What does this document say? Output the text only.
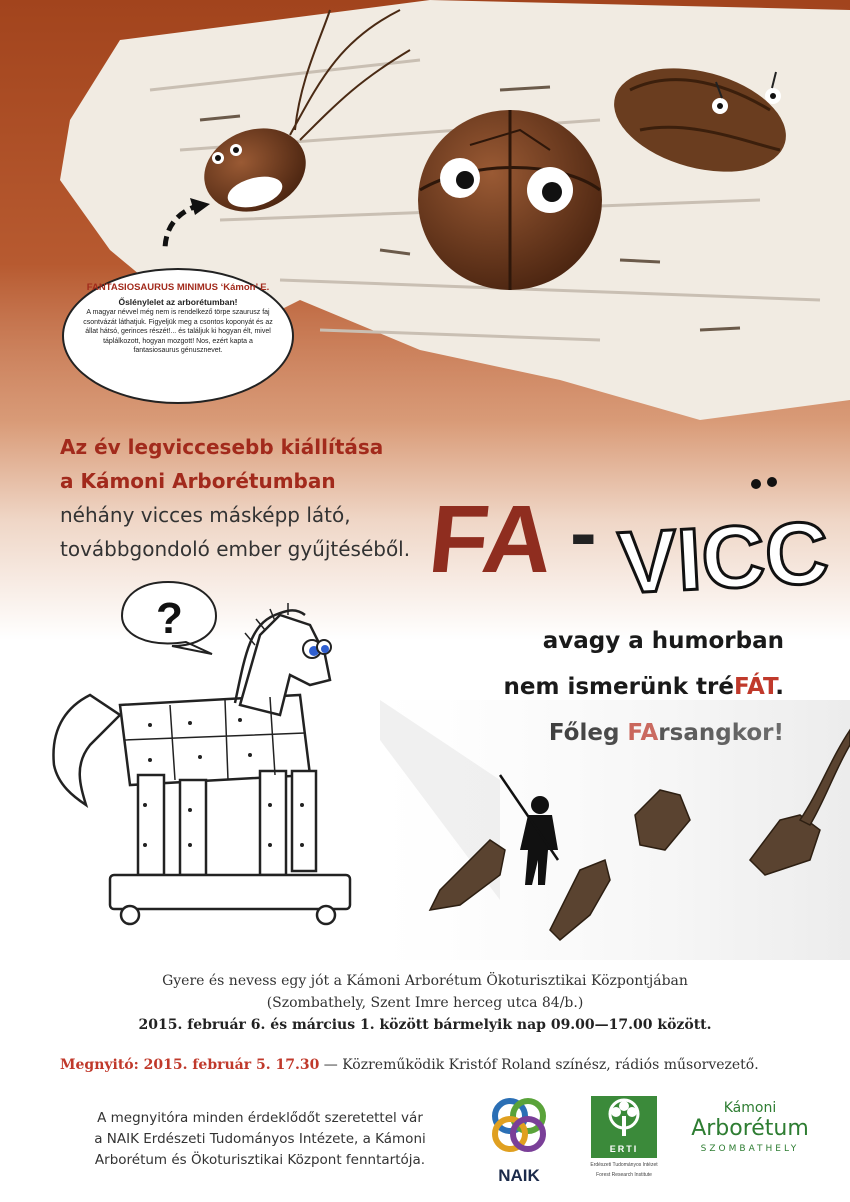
FANTASIOSAURUS MINIMUS ‘Kámon’ E.
Őslénylelet az arborétumban!
A magyar névvel még nem is rendelkező törpe szaurusz faj csontvázát láthatjuk. Figyeljük meg a csontos koponyát és az állat hátsó, gerinces részét!... és találjuk ki hogyan élt, mivel táplálkozott, hogyan mozgott! Nos, ezért kapta a fantasiosaurus génusznevet.
Az év legviccesebb kiállítása
a Kámoni Arborétumban
néhány vicces másképp látó,
továbbgondoló ember gyűjtéséből. FA - VICC
avagy a humorban
nem ismerünk tréFÁT.
?
Gyere és nevess egy jót a Kámoni Arborétum Ökoturisztikai Központjában
(Szombathely, Szent Imre herceg utca 84/b.)
2015. február 6. és március 1. között bármelyik nap 09.00—17.00 között.
Megnyitó: 2015. február 5. 17.30 — Közreműködik Kristóf Roland színész, rádiós műsorvezető.
A megnyitóra minden érdeklődőt szeretettel vár
a NAIK Erdészeti Tudományos Intézete, a Kámoni
Arborétum és Ökoturisztikai Központ fenntartója.
NAIK
ERTI
Erdészeti Tudományos Intézet
Forest Research Institute
Kámoni
Arborétum
SZOMBATHELY
